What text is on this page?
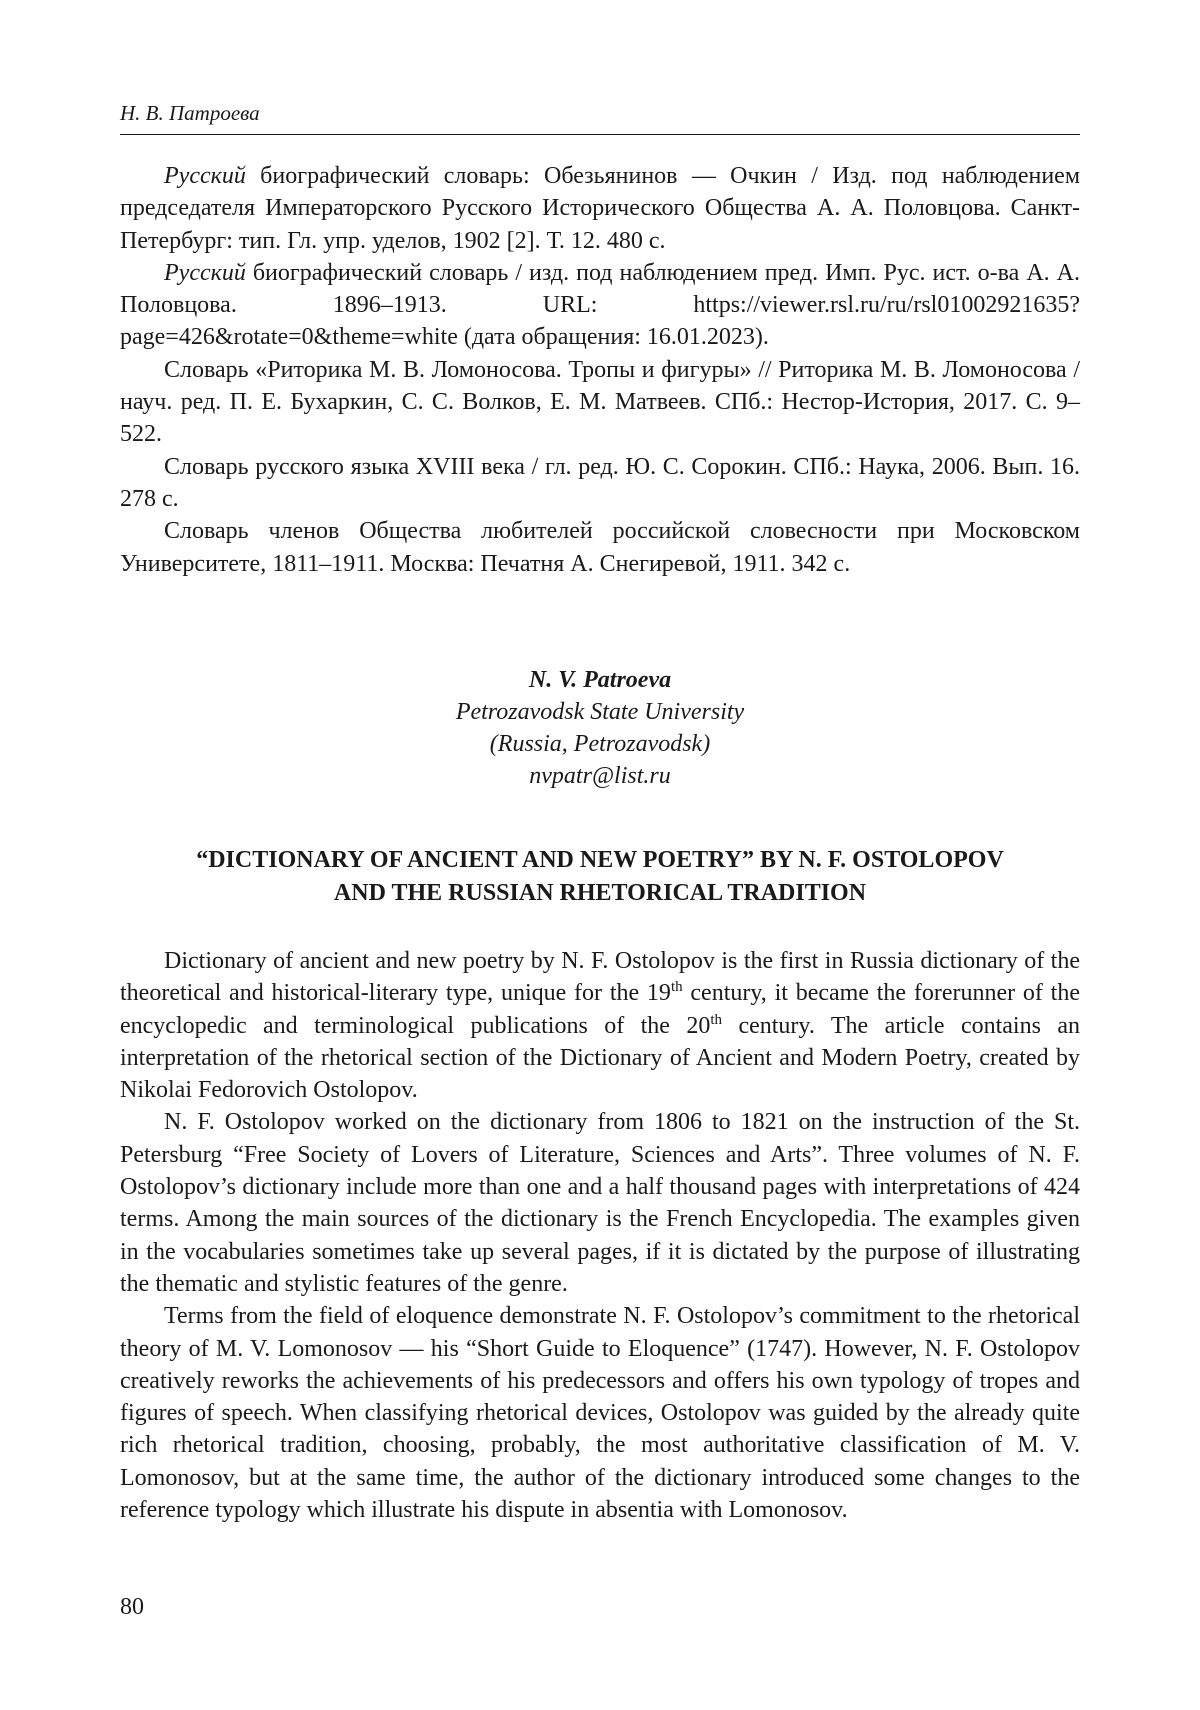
Н. В. Патроева

Русский биографический словарь: Обезьянинов — Очкин / Изд. под наблюдением председателя Императорского Русского Исторического Общества А. А. Половцова. Санкт-Петербург: тип. Гл. упр. уделов, 1902 [2]. Т. 12. 480 с.

Русский биографический словарь / изд. под наблюдением пред. Имп. Рус. ист. о-ва А. А. Половцова. 1896–1913. URL: https://viewer.rsl.ru/ru/rsl01002921635?page=426&rotate=0&theme=white (дата обращения: 16.01.2023).

Словарь «Риторика М. В. Ломоносова. Тропы и фигуры» // Риторика М. В. Ломоносова / науч. ред. П. Е. Бухаркин, С. С. Волков, Е. М. Матвеев. СПб.: Нестор-История, 2017. С. 9–522.

Словарь русского языка XVIII века / гл. ред. Ю. С. Сорокин. СПб.: Наука, 2006. Вып. 16. 278 с.

Словарь членов Общества любителей российской словесности при Московском Университете, 1811–1911. Москва: Печатня А. Снегиревой, 1911. 342 с.

N. V. Patroeva
Petrozavodsk State University
(Russia, Petrozavodsk)
nvpatr@list.ru
“DICTIONARY OF ANCIENT AND NEW POETRY” BY N. F. OSTOLOPOV
AND THE RUSSIAN RHETORICAL TRADITION

Dictionary of ancient and new poetry by N. F. Ostolopov is the first in Russia dictionary of the theoretical and historical-literary type, unique for the 19th century, it became the forerunner of the encyclopedic and terminological publications of the 20th century. The article contains an interpretation of the rhetorical section of the Dictionary of Ancient and Modern Poetry, created by Nikolai Fedorovich Ostolopov.

N. F. Ostolopov worked on the dictionary from 1806 to 1821 on the instruction of the St. Petersburg “Free Society of Lovers of Literature, Sciences and Arts”. Three volumes of N. F. Ostolopov’s dictionary include more than one and a half thousand pages with interpretations of 424 terms. Among the main sources of the dictionary is the French Encyclopedia. The examples given in the vocabularies sometimes take up several pages, if it is dictated by the purpose of illustrating the thematic and stylistic features of the genre.

Terms from the field of eloquence demonstrate N. F. Ostolopov’s commitment to the rhetorical theory of M. V. Lomonosov — his “Short Guide to Eloquence” (1747). However, N. F. Ostolopov creatively reworks the achievements of his predecessors and offers his own typology of tropes and figures of speech. When classifying rhetorical devices, Ostolopov was guided by the already quite rich rhetorical tradition, choosing, probably, the most authoritative classification of M. V. Lomonosov, but at the same time, the author of the dictionary introduced some changes to the reference typology which illustrate his dispute in absentia with Lomonosov.

80
